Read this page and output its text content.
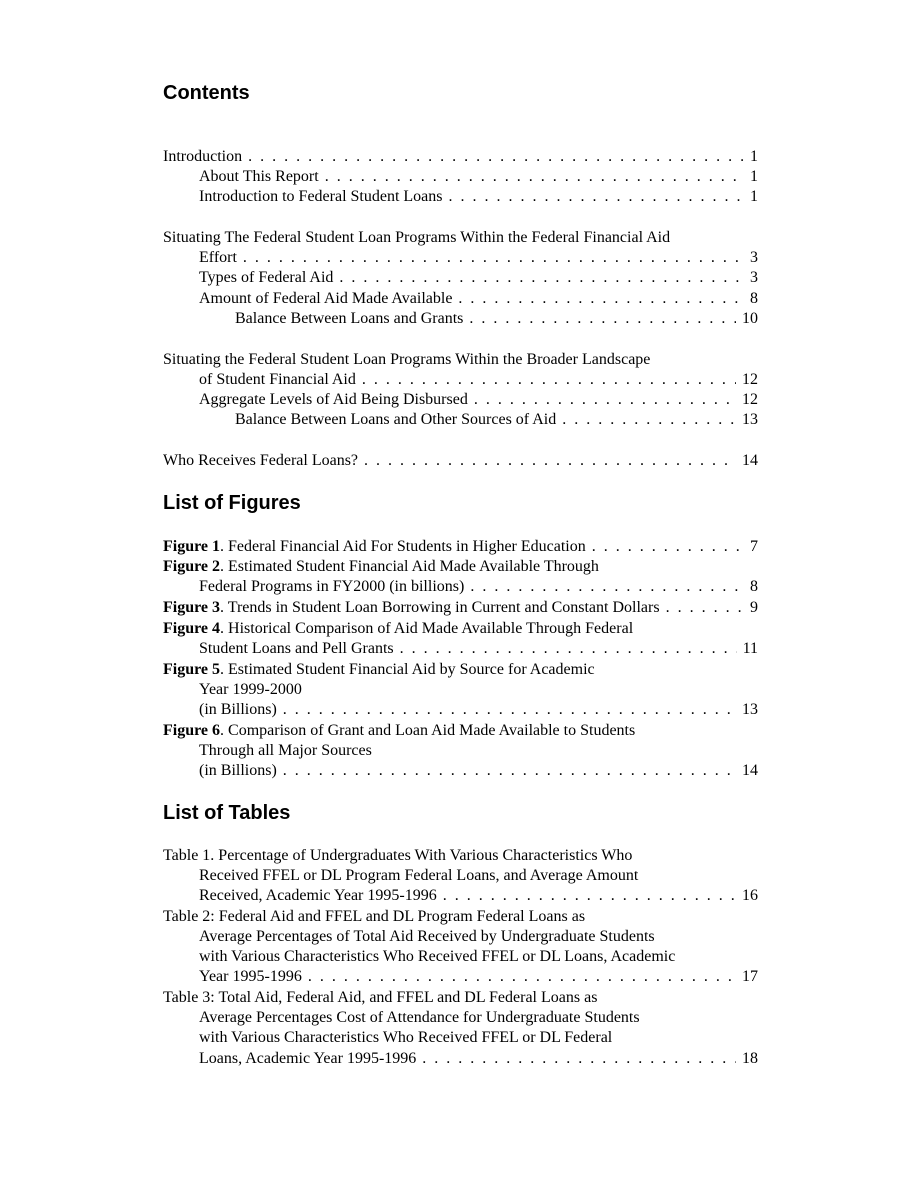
Contents
Introduction . . .	1
About This Report . . .	1
Introduction to Federal Student Loans . . .	1
Situating The Federal Student Loan Programs Within the Federal Financial Aid
Effort . . .	3
Types of Federal Aid . . .	3
Amount of Federal Aid Made Available . . .	8
Balance Between Loans and Grants . . .	10
Situating the Federal Student Loan Programs Within the Broader Landscape
of Student Financial Aid . . .	12
Aggregate Levels of Aid Being Disbursed . . .	12
Balance Between Loans and Other Sources of Aid . . .	13
Who Receives Federal Loans? . . .	14
List of Figures
Figure 1. Federal Financial Aid For Students in Higher Education . . .	7
Figure 2. Estimated Student Financial Aid Made Available Through
Federal Programs in FY2000 (in billions) . . .	8
Figure 3. Trends in Student Loan Borrowing in Current and Constant Dollars . . .	9
Figure 4. Historical Comparison of Aid Made Available Through Federal
Student Loans and Pell Grants . . .	11
Figure 5. Estimated Student Financial Aid by Source for Academic
Year 1999-2000
(in Billions) . . .	13
Figure 6. Comparison of Grant and Loan Aid Made Available to Students
Through all Major Sources
(in Billions) . . .	14
List of Tables
Table 1. Percentage of Undergraduates With Various Characteristics Who
Received FFEL or DL Program Federal Loans, and Average Amount
Received, Academic Year 1995-1996 . . .	16
Table 2: Federal Aid and FFEL and DL Program Federal Loans as
Average Percentages of Total Aid Received by Undergraduate Students
with Various Characteristics Who Received FFEL or DL Loans, Academic
Year 1995-1996 . . .	17
Table 3: Total Aid, Federal Aid, and FFEL and DL Federal Loans as
Average Percentages Cost of Attendance for Undergraduate Students
with Various Characteristics Who Received FFEL or DL Federal
Loans, Academic Year 1995-1996 . . .	18
